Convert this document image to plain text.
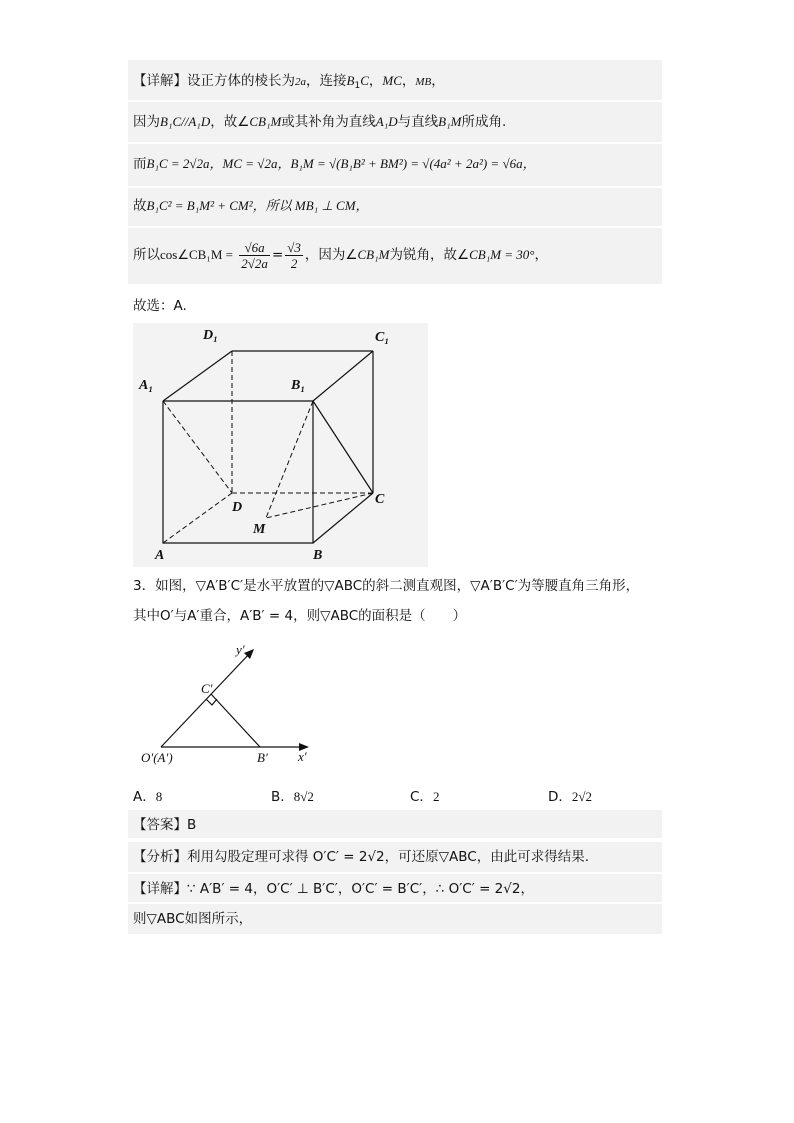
【详解】设正方体的棱长为2a，连接$B_1C$，MC，MB，
因为B₁C//A₁D，故∠CB₁M或其补角为直线A₁D与直线B₁M所成角.
而B₁C = 2√2a，MC = √2a，B₁M = √(B₁B² + BM²) = √(4a² + 2a²) = √6a，
故B₁C² = B₁M² + CM²，所以 MB₁ ⊥ CM，
所以cos∠CB₁M = $\frac{√6a}{2√2a} = \frac{√3}{2}$ ，因为∠CB₁M为锐角，故∠CB₁M = 30°，
故选：A.
D₁	C₁
A₁	B₁
D
C
M
A	B
3．如图，▽A′B′C′是水平放置的▽ABC的斜二测直观图，▽A′B′C′为等腰直角三角形，
其中O′与A′重合，A′B′ = 4，则▽ABC的面积是（　　）
y′
C′
O′(A′)	B′ x′
A．8	B．8√2	C．2	D．2√2
【答案】B
【分析】利用勾股定理可求得 O′C′ = 2√2，可还原▽ABC，由此可求得结果.
【详解】∵ A′B′ = 4，O′C′ ⊥ B′C′，O′C′ = B′C′，∴ O′C′ = 2√2，
则▽ABC如图所示，
